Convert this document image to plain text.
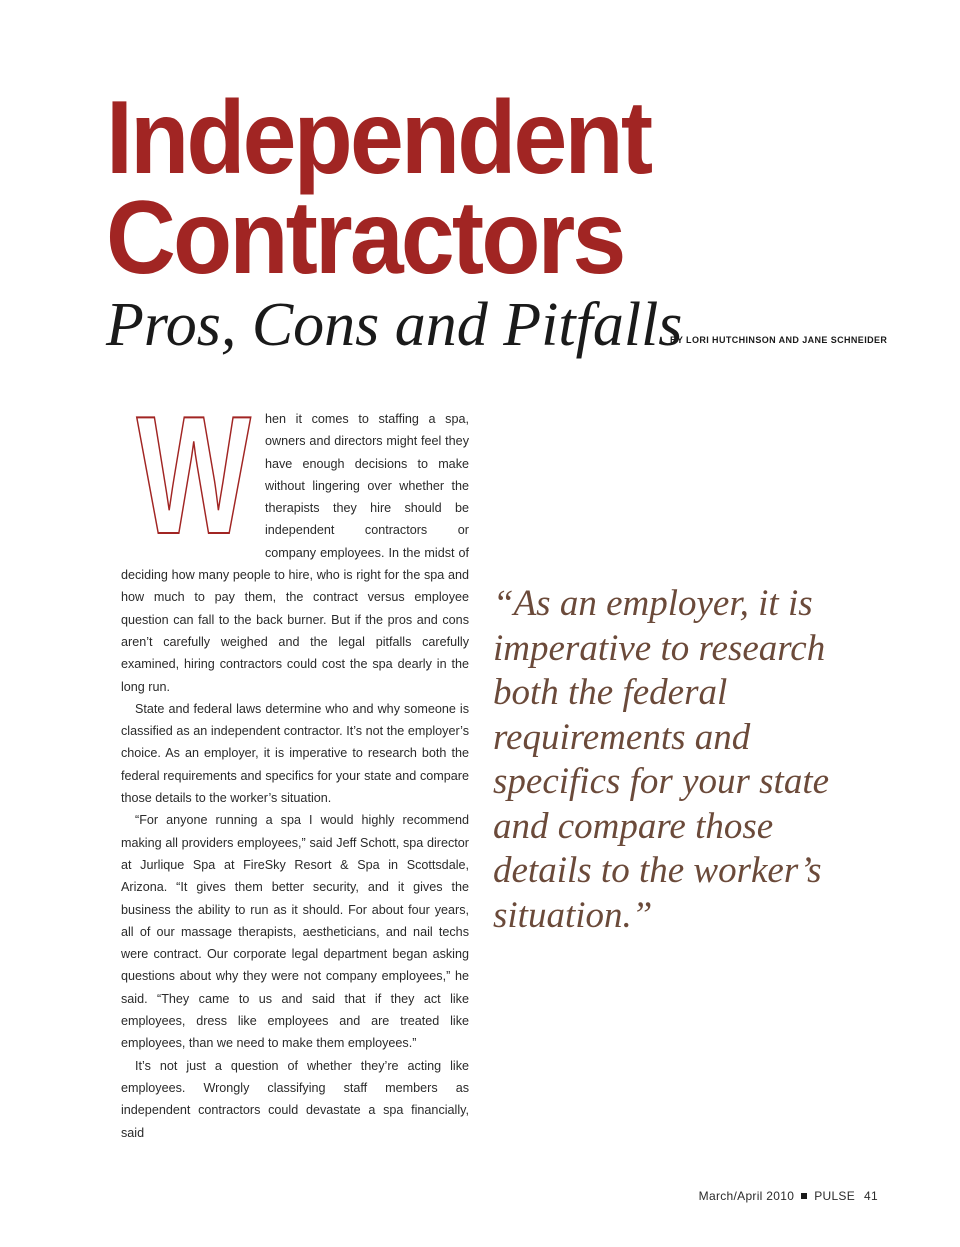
Independent
Contractors
Pros, Cons and Pitfalls
BY LORI HUTCHINSON AND JANE SCHNEIDER
W	hen it comes to staffing a spa, owners and directors might feel they have enough decisions to make without lingering over whether the therapists they hire should be independent contractors or company employees. In the midst of deciding how many people to hire, who is right for the spa and how much to pay them, the contract versus employee question can fall to the back burner. But if the pros and cons aren’t carefully weighed and the legal pitfalls carefully examined, hiring contractors could cost the spa dearly in the long run.

State and federal laws determine who and why someone is classified as an independent contractor. It’s not the employer’s choice. As an employer, it is imperative to research both the federal requirements and specifics for your state and compare those details to the worker’s situation.

“For anyone running a spa I would highly recommend making all providers employees,” said Jeff Schott, spa director at Jurlique Spa at FireSky Resort & Spa in Scottsdale, Arizona. “It gives them better security, and it gives the business the ability to run as it should. For about four years, all of our massage therapists, aestheticians, and nail techs were contract. Our corporate legal department began asking questions about why they were not company employees,” he said. “They came to us and said that if they act like employees, dress like employees and are treated like employees, than we need to make them employees.”

It’s not just a question of whether they’re acting like employees. Wrongly classifying staff members as independent contractors could devastate a spa financially, said

“As an employer, it is imperative to research both the federal requirements and specifics for your state and compare those details to the worker’s situation.”
March/April 2010 PULSE 41
